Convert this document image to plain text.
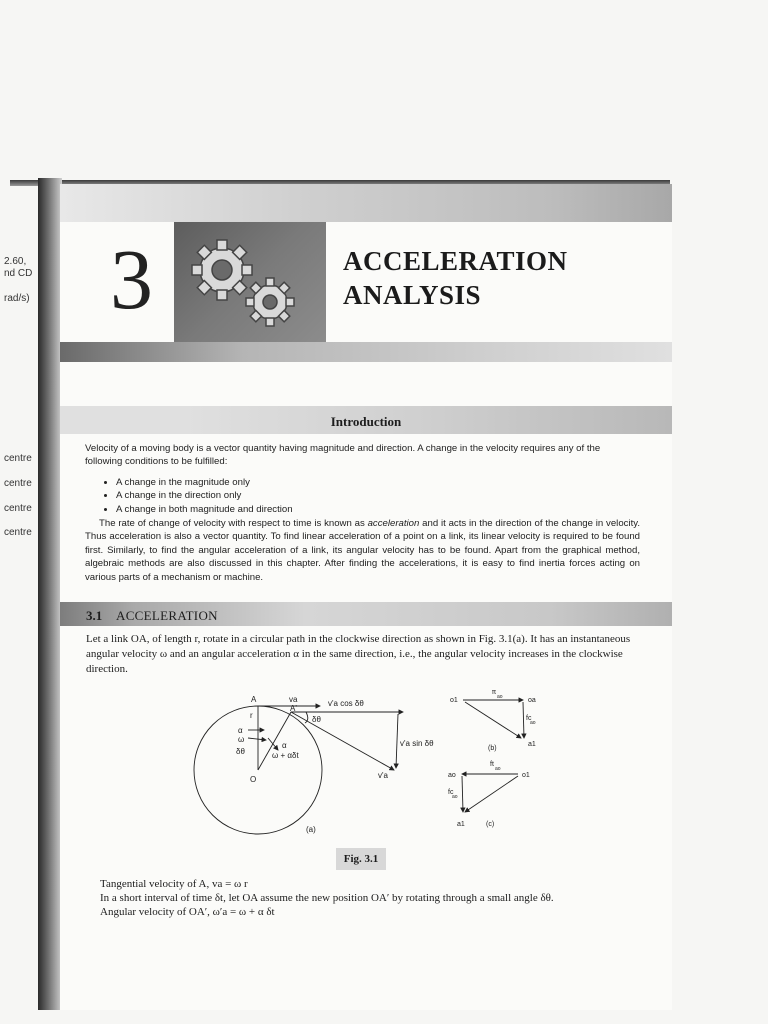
2.60,
nd CD
rad/s)
centre
centre
centre
centre
3	ACCELERATION
ANALYSIS
Introduction
Velocity of a moving body is a vector quantity having magnitude and direction. A change in the velocity requires any of the following conditions to be fulfilled:
• A change in the magnitude only
• A change in the direction only
• A change in both magnitude and direction
The rate of change of velocity with respect to time is known as acceleration and it acts in the direction of the change in velocity. Thus acceleration is also a vector quantity. To find linear acceleration of a point on a link, its linear velocity is required to be found first. Similarly, to find the angular acceleration of a link, its angular velocity has to be found. Apart from the graphical method, algebraic methods are also discussed in this chapter. After finding the accelerations, it is easy to find inertia forces acting on various parts of a mechanism or machine.
3.1 ACCELERATION
Let a link OA, of length r, rotate in a circular path in the clockwise direction as shown in Fig. 3.1(a). It has an instantaneous angular velocity ω and an angular acceleration α in the same direction, i.e., the angular velocity increases in the clockwise direction.
A	va
A'
v'a cos δθ
δθ
r
α
ω
δθ
α
ω + αδt
O
v'a sin δθ
v'a
(a)
o1
ft
ao	oa
fc
ao
a1
(b)
ao
ft
ao
o1
fc
ao
a1	(c)
Fig. 3.1
Tangential velocity of A, va = ω r
In a short interval of time δt, let OA assume the new position OA′ by rotating through a small angle δθ.
Angular velocity of OA′, ω′a = ω + α δt
